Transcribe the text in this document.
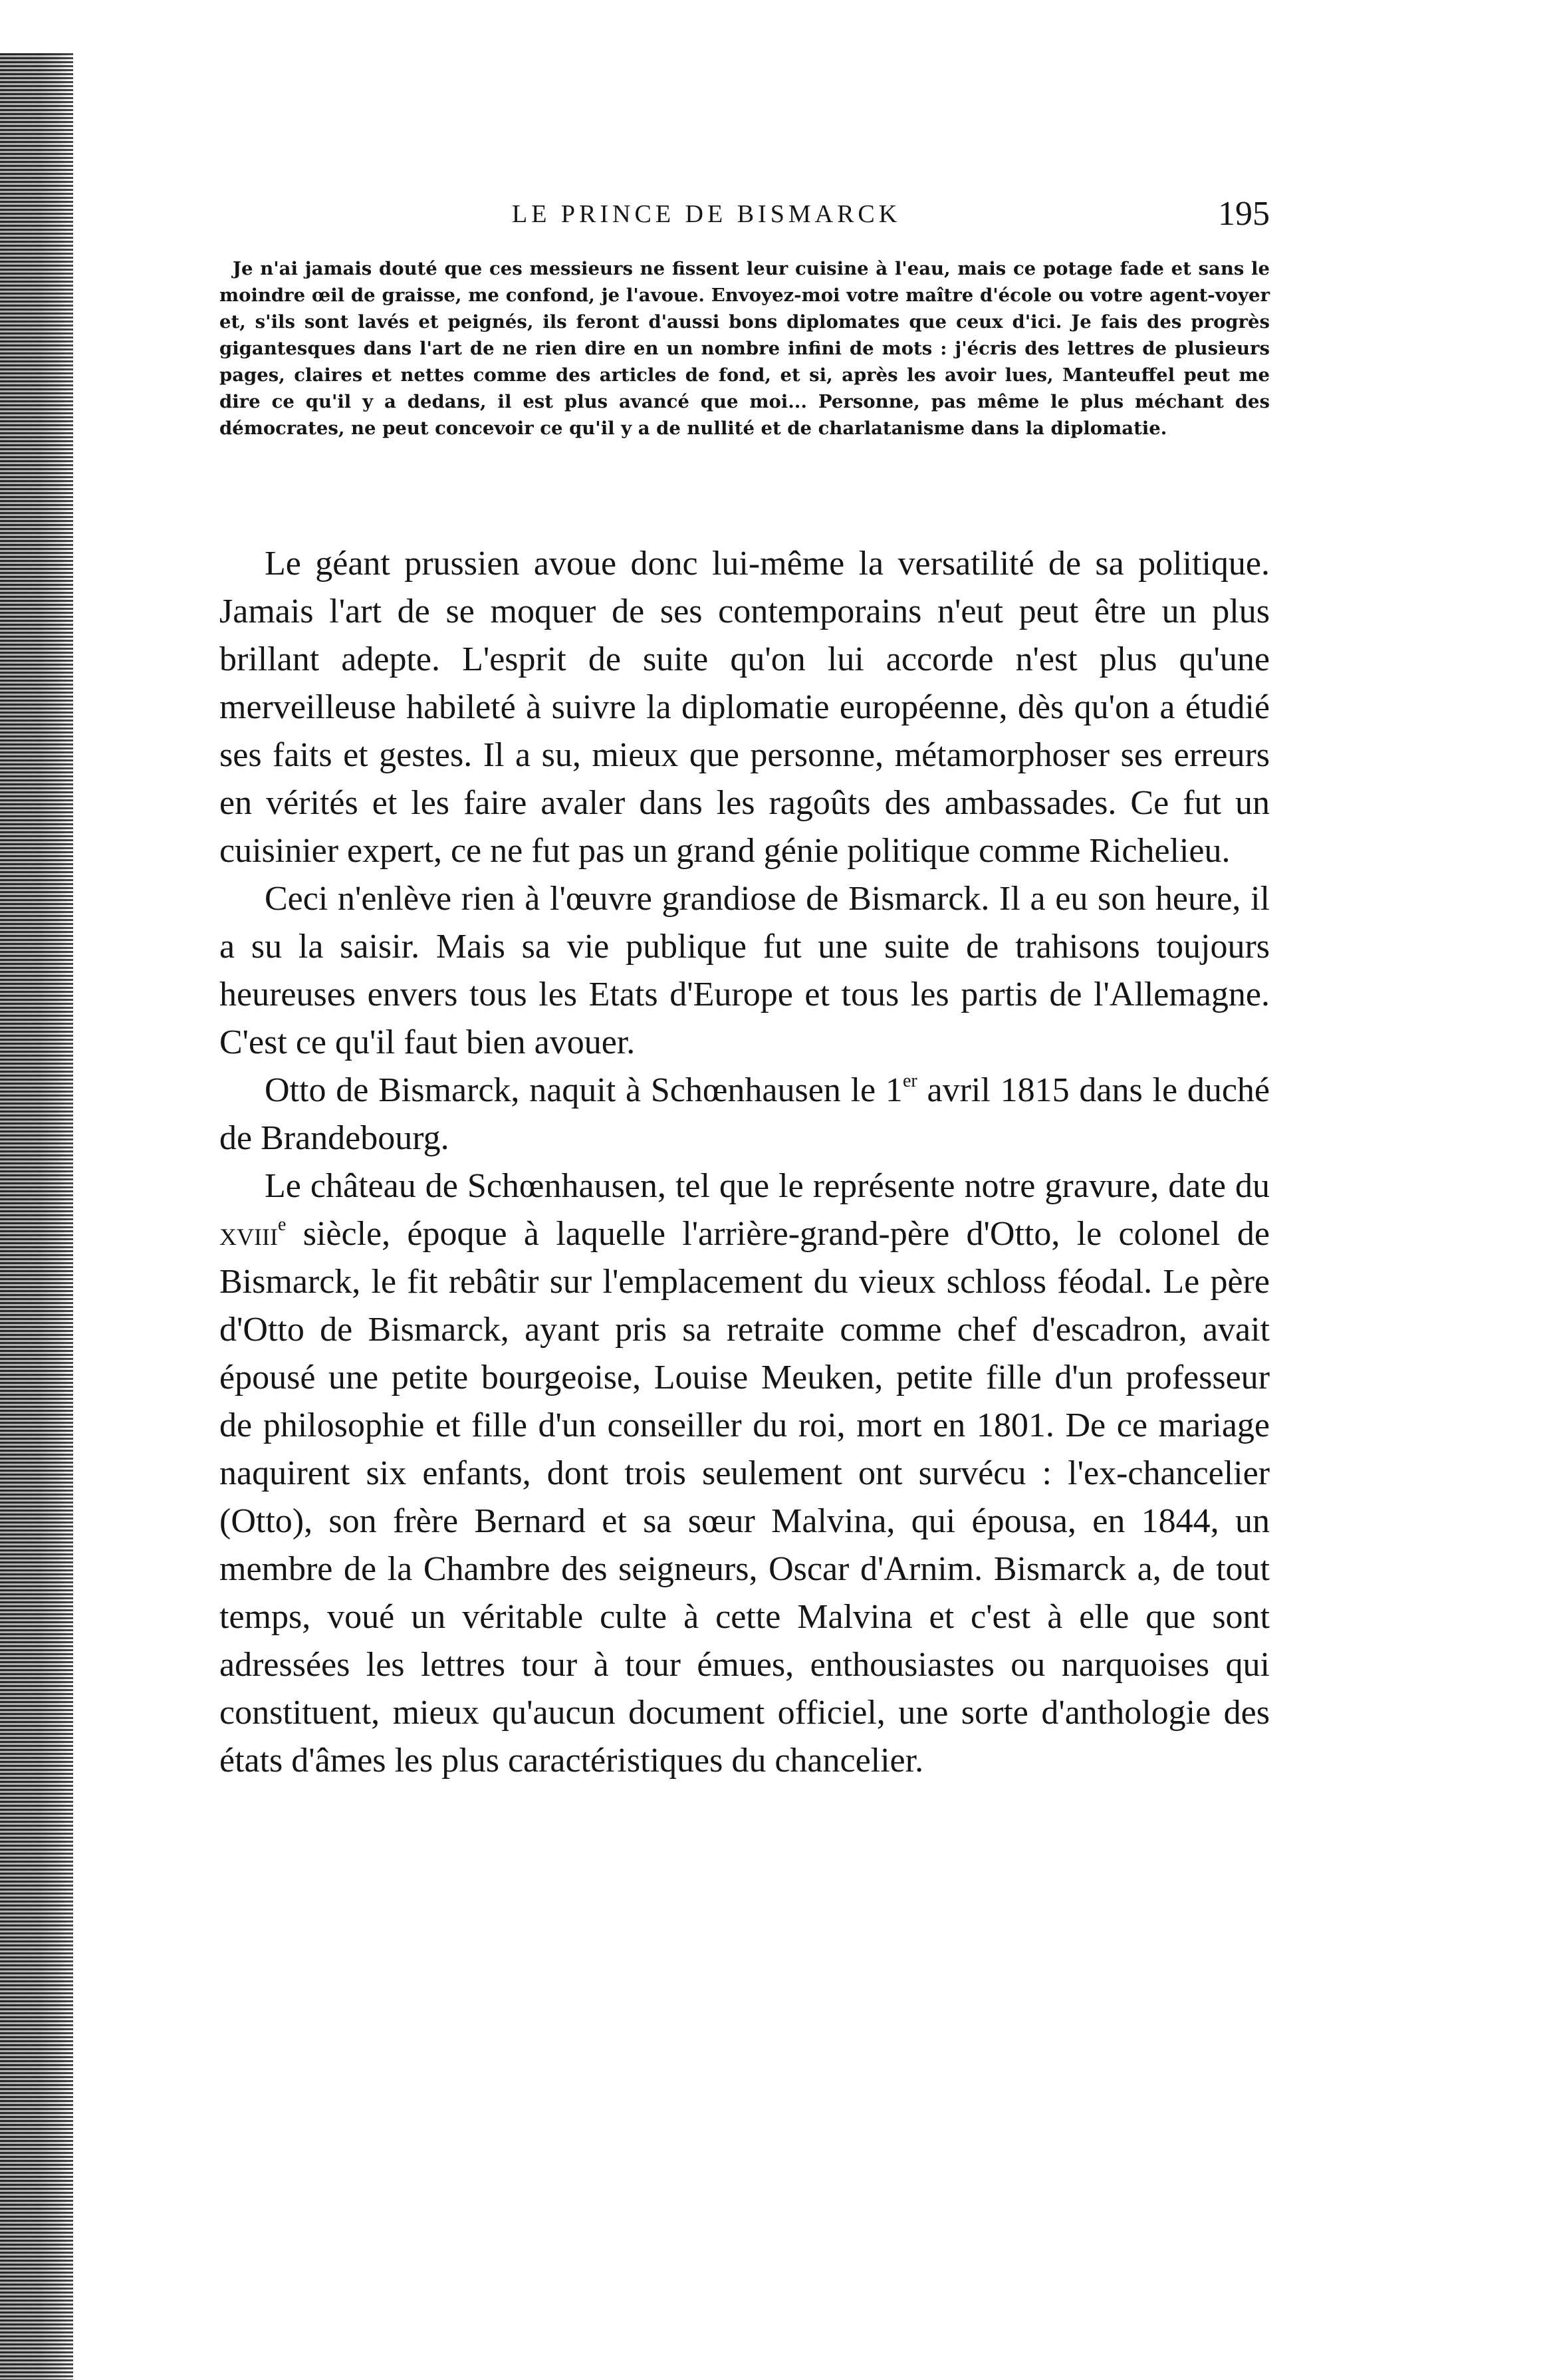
LE PRINCE DE BISMARCK	195

Je n'ai jamais douté que ces messieurs ne fissent leur cuisine à l'eau, mais ce potage fade et sans le moindre œil de graisse, me confond, je l'avoue. Envoyez-moi votre maître d'école ou votre agent-voyer et, s'ils sont lavés et peignés, ils feront d'aussi bons diplomates que ceux d'ici. Je fais des progrès gigantesques dans l'art de ne rien dire en un nombre infini de mots : j'écris des lettres de plusieurs pages, claires et nettes comme des articles de fond, et si, après les avoir lues, Manteuffel peut me dire ce qu'il y a dedans, il est plus avancé que moi... Personne, pas même le plus méchant des démocrates, ne peut concevoir ce qu'il y a de nullité et de charlatanisme dans la diplomatie.

Le géant prussien avoue donc lui-même la versatilité de sa politique. Jamais l'art de se moquer de ses contemporains n'eut peut être un plus brillant adepte. L'esprit de suite qu'on lui accorde n'est plus qu'une merveilleuse habileté à suivre la diplomatie européenne, dès qu'on a étudié ses faits et gestes. Il a su, mieux que personne, métamorphoser ses erreurs en vérités et les faire avaler dans les ragoûts des ambassades. Ce fut un cuisinier expert, ce ne fut pas un grand génie politique comme Richelieu.

Ceci n'enlève rien à l'œuvre grandiose de Bismarck. Il a eu son heure, il a su la saisir. Mais sa vie publique fut une suite de trahisons toujours heureuses envers tous les Etats d'Europe et tous les partis de l'Allemagne. C'est ce qu'il faut bien avouer.

Otto de Bismarck, naquit à Schœnhausen le 1er avril 1815 dans le duché de Brandebourg.

Le château de Schœnhausen, tel que le représente notre gravure, date du xviii$^e$ siècle, époque à laquelle l'arrière-grand-père d'Otto, le colonel de Bismarck, le fit rebâtir sur l'emplacement du vieux schloss féodal. Le père d'Otto de Bismarck, ayant pris sa retraite comme chef d'escadron, avait épousé une petite bourgeoise, Louise Meuken, petite fille d'un professeur de philosophie et fille d'un conseiller du roi, mort en 1801. De ce mariage naquirent six enfants, dont trois seulement ont survécu : l'ex-chancelier (Otto), son frère Bernard et sa sœur Malvina, qui épousa, en 1844, un membre de la Chambre des seigneurs, Oscar d'Arnim. Bismarck a, de tout temps, voué un véritable culte à cette Malvina et c'est à elle que sont adressées les lettres tour à tour émues, enthousiastes ou narquoises qui constituent, mieux qu'aucun document officiel, une sorte d'anthologie des états d'âmes les plus caractéristiques du chancelier.
